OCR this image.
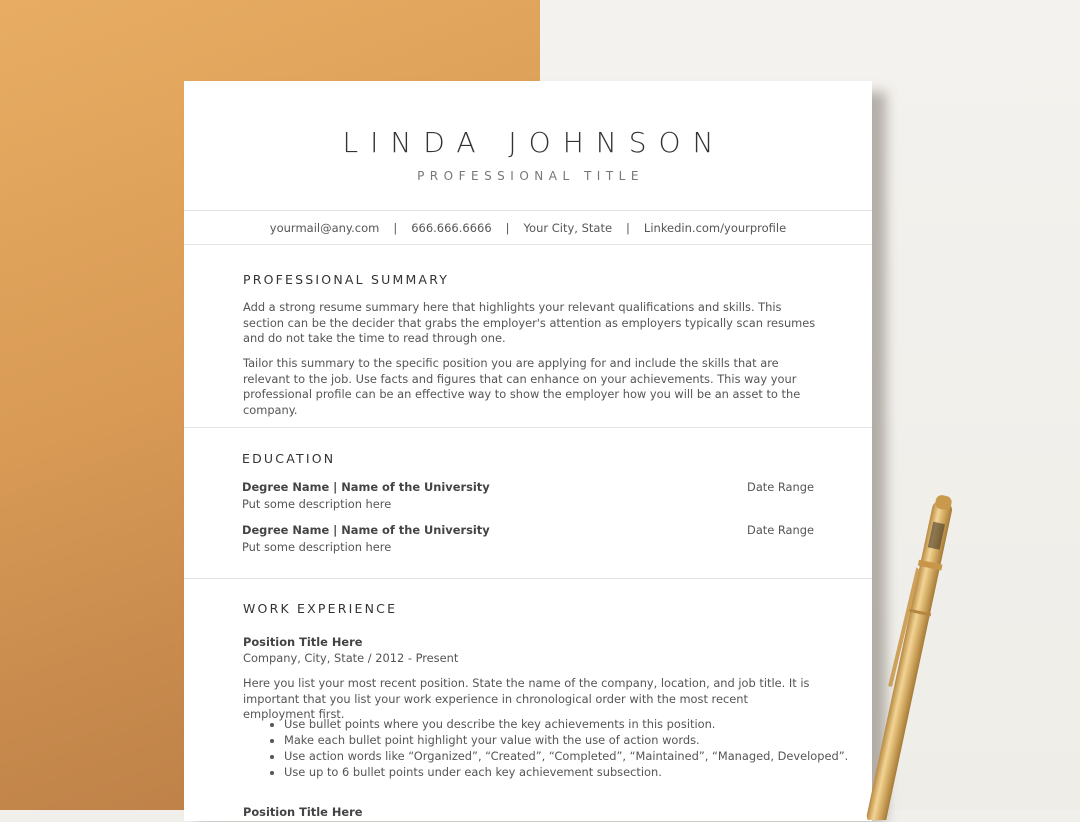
LINDA JOHNSON
PROFESSIONAL TITLE
yourmail@any.com | 666.666.6666 | Your City, State | Linkedin.com/yourprofile
PROFESSIONAL SUMMARY
Add a strong resume summary here that highlights your relevant qualifications and skills. This section can be the decider that grabs the employer's attention as employers typically scan resumes and do not take the time to read through one.
Tailor this summary to the specific position you are applying for and include the skills that are relevant to the job. Use facts and figures that can enhance on your achievements. This way your professional profile can be an effective way to show the employer how you will be an asset to the company.
EDUCATION
Degree Name | Name of the University	Date Range
Put some description here
Degree Name | Name of the University	Date Range
Put some description here
WORK EXPERIENCE
Position Title Here
Company, City, State / 2012 - Present
Here you list your most recent position. State the name of the company, location, and job title. It is important that you list your work experience in chronological order with the most recent employment first.
• Use bullet points where you describe the key achievements in this position.
• Make each bullet point highlight your value with the use of action words.
• Use action words like “Organized”, “Created”, “Completed”, “Maintained”, “Managed, Developed”.
• Use up to 6 bullet points under each key achievement subsection.
Position Title Here
